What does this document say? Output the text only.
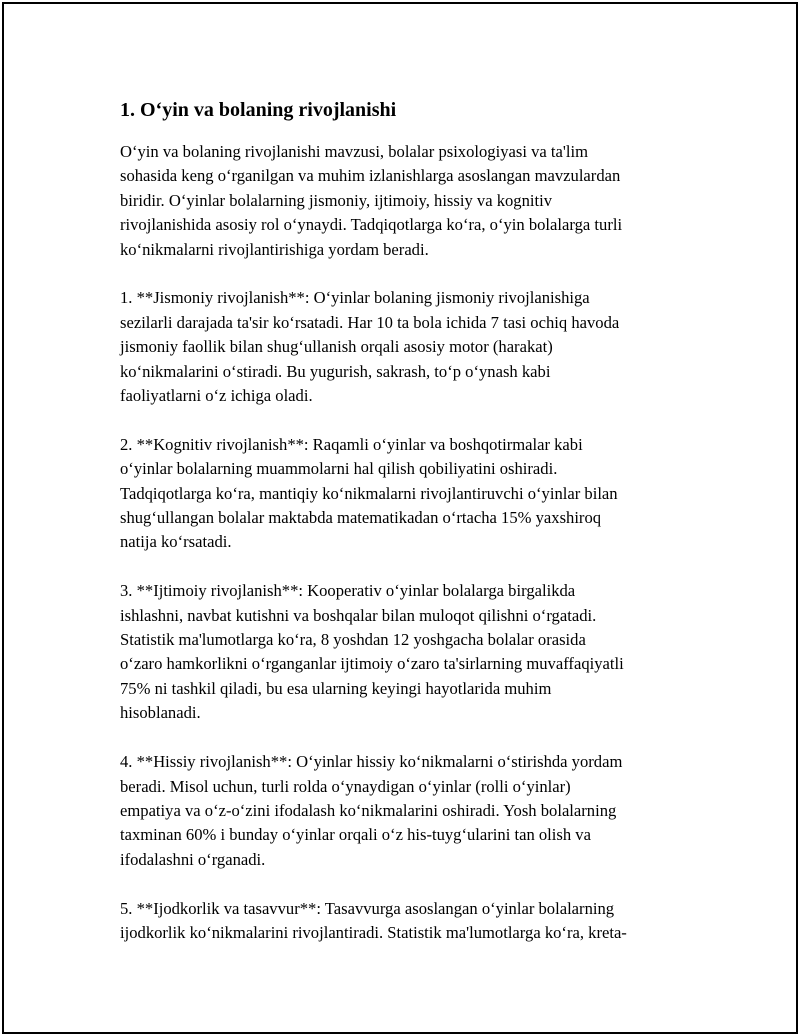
1. O‘yin va bolaning rivojlanishi

O‘yin va bolaning rivojlanishi mavzusi, bolalar psixologiyasi va ta'lim

sohasida keng o‘rganilgan va muhim izlanishlarga asoslangan mavzulardan

biridir. O‘yinlar bolalarning jismoniy, ijtimoiy, hissiy va kognitiv

rivojlanishida asosiy rol o‘ynaydi. Tadqiqotlarga ko‘ra, o‘yin bolalarga turli

ko‘nikmalarni rivojlantirishiga yordam beradi.

1. **Jismoniy rivojlanish**: O‘yinlar bolaning jismoniy rivojlanishiga

sezilarli darajada ta'sir ko‘rsatadi. Har 10 ta bola ichida 7 tasi ochiq havoda

jismoniy faollik bilan shug‘ullanish orqali asosiy motor (harakat)

ko‘nikmalarini o‘stiradi. Bu yugurish, sakrash, to‘p o‘ynash kabi

faoliyatlarni o‘z ichiga oladi.

2. **Kognitiv rivojlanish**: Raqamli o‘yinlar va boshqotirmalar kabi

o‘yinlar bolalarning muammolarni hal qilish qobiliyatini oshiradi.

Tadqiqotlarga ko‘ra, mantiqiy ko‘nikmalarni rivojlantiruvchi o‘yinlar bilan

shug‘ullangan bolalar maktabda matematikadan o‘rtacha 15% yaxshiroq

natija ko‘rsatadi.

3. **Ijtimoiy rivojlanish**: Kooperativ o‘yinlar bolalarga birgalikda

ishlashni, navbat kutishni va boshqalar bilan muloqot qilishni o‘rgatadi.

Statistik ma'lumotlarga ko‘ra, 8 yoshdan 12 yoshgacha bolalar orasida

o‘zaro hamkorlikni o‘rganganlar ijtimoiy o‘zaro ta'sirlarning muvaffaqiyatli

75% ni tashkil qiladi, bu esa ularning keyingi hayotlarida muhim

hisoblanadi.

4. **Hissiy rivojlanish**: O‘yinlar hissiy ko‘nikmalarni o‘stirishda yordam

beradi. Misol uchun, turli rolda o‘ynaydigan o‘yinlar (rolli o‘yinlar)

empatiya va o‘z-o‘zini ifodalash ko‘nikmalarini oshiradi. Yosh bolalarning

taxminan 60% i bunday o‘yinlar orqali o‘z his-tuyg‘ularini tan olish va

ifodalashni o‘rganadi.

5. **Ijodkorlik va tasavvur**: Tasavvurga asoslangan o‘yinlar bolalarning

ijodkorlik ko‘nikmalarini rivojlantiradi. Statistik ma'lumotlarga ko‘ra, kreta-
